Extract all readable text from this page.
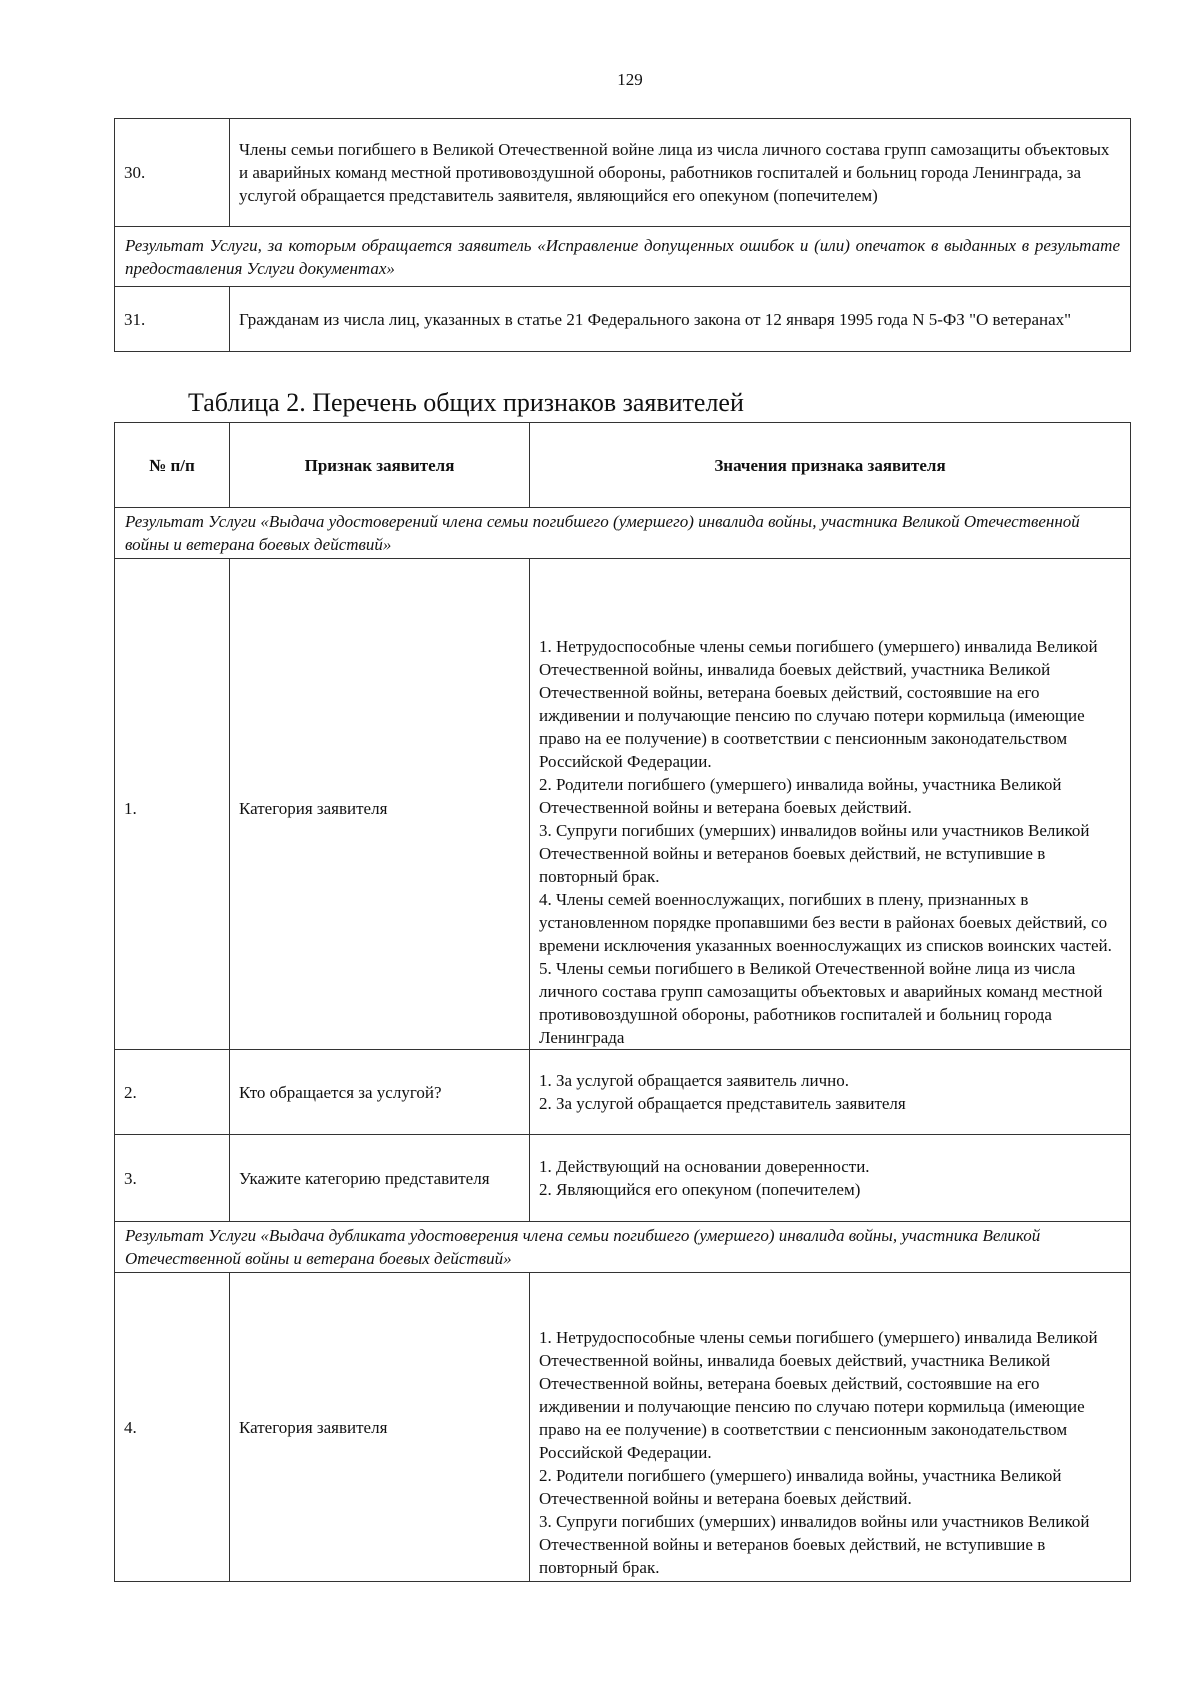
129
30.	Члены семьи погибшего в Великой Отечественной войне лица из числа личного состава групп самозащиты объектовых и аварийных команд местной противовоздушной обороны, работников госпиталей и больниц города Ленинграда, за услугой обращается представитель заявителя, являющийся его опекуном (попечителем)
Результат Услуги, за которым обращается заявитель «Исправление допущенных ошибок и (или) опечаток в выданных в результате предоставления Услуги документах»	
31.	Гражданам из числа лиц, указанных в статье 21 Федерального закона от 12 января 1995 года N 5-ФЗ "О ветеранах"
Таблица 2. Перечень общих признаков заявителей
№ п/п	Признак заявителя	Значения признака заявителя
Результат Услуги «Выдача удостоверений члена семьи погибшего (умершего) инвалида войны, участника Великой Отечественной войны и ветерана боевых действий»		
1.	Категория заявителя	1. Нетрудоспособные члены семьи погибшего (умершего) инвалида Великой Отечественной войны, инвалида боевых действий, участника Великой Отечественной войны, ветерана боевых действий, состоявшие на его иждивении и получающие пенсию по случаю потери кормильца (имеющие право на ее получение) в соответствии с пенсионным законодательством Российской Федерации.
2. Родители погибшего (умершего) инвалида войны, участника Великой Отечественной войны и ветерана боевых действий.
3. Супруги погибших (умерших) инвалидов войны или участников Великой Отечественной войны и ветеранов боевых действий, не вступившие в повторный брак.
4. Члены семей военнослужащих, погибших в плену, признанных в установленном порядке пропавшими без вести в районах боевых действий, со времени исключения указанных военнослужащих из списков воинских частей.
5. Члены семьи погибшего в Великой Отечественной войне лица из числа личного состава групп самозащиты объектовых и аварийных команд местной противовоздушной обороны, работников госпиталей и больниц города Ленинграда
2.	Кто обращается за услугой?	1. За услугой обращается заявитель лично.
2. За услугой обращается представитель заявителя
3.	Укажите категорию представителя	1. Действующий на основании доверенности.
2. Являющийся его опекуном (попечителем)
Результат Услуги «Выдача дубликата удостоверения члена семьи погибшего (умершего) инвалида войны, участника Великой Отечественной войны и ветерана боевых действий»		
4.	Категория заявителя	1. Нетрудоспособные члены семьи погибшего (умершего) инвалида Великой Отечественной войны, инвалида боевых действий, участника Великой Отечественной войны, ветерана боевых действий, состоявшие на его иждивении и получающие пенсию по случаю потери кормильца (имеющие право на ее получение) в соответствии с пенсионным законодательством Российской Федерации.
2. Родители погибшего (умершего) инвалида войны, участника Великой Отечественной войны и ветерана боевых действий.
3. Супруги погибших (умерших) инвалидов войны или участников Великой Отечественной войны и ветеранов боевых действий, не вступившие в повторный брак.
